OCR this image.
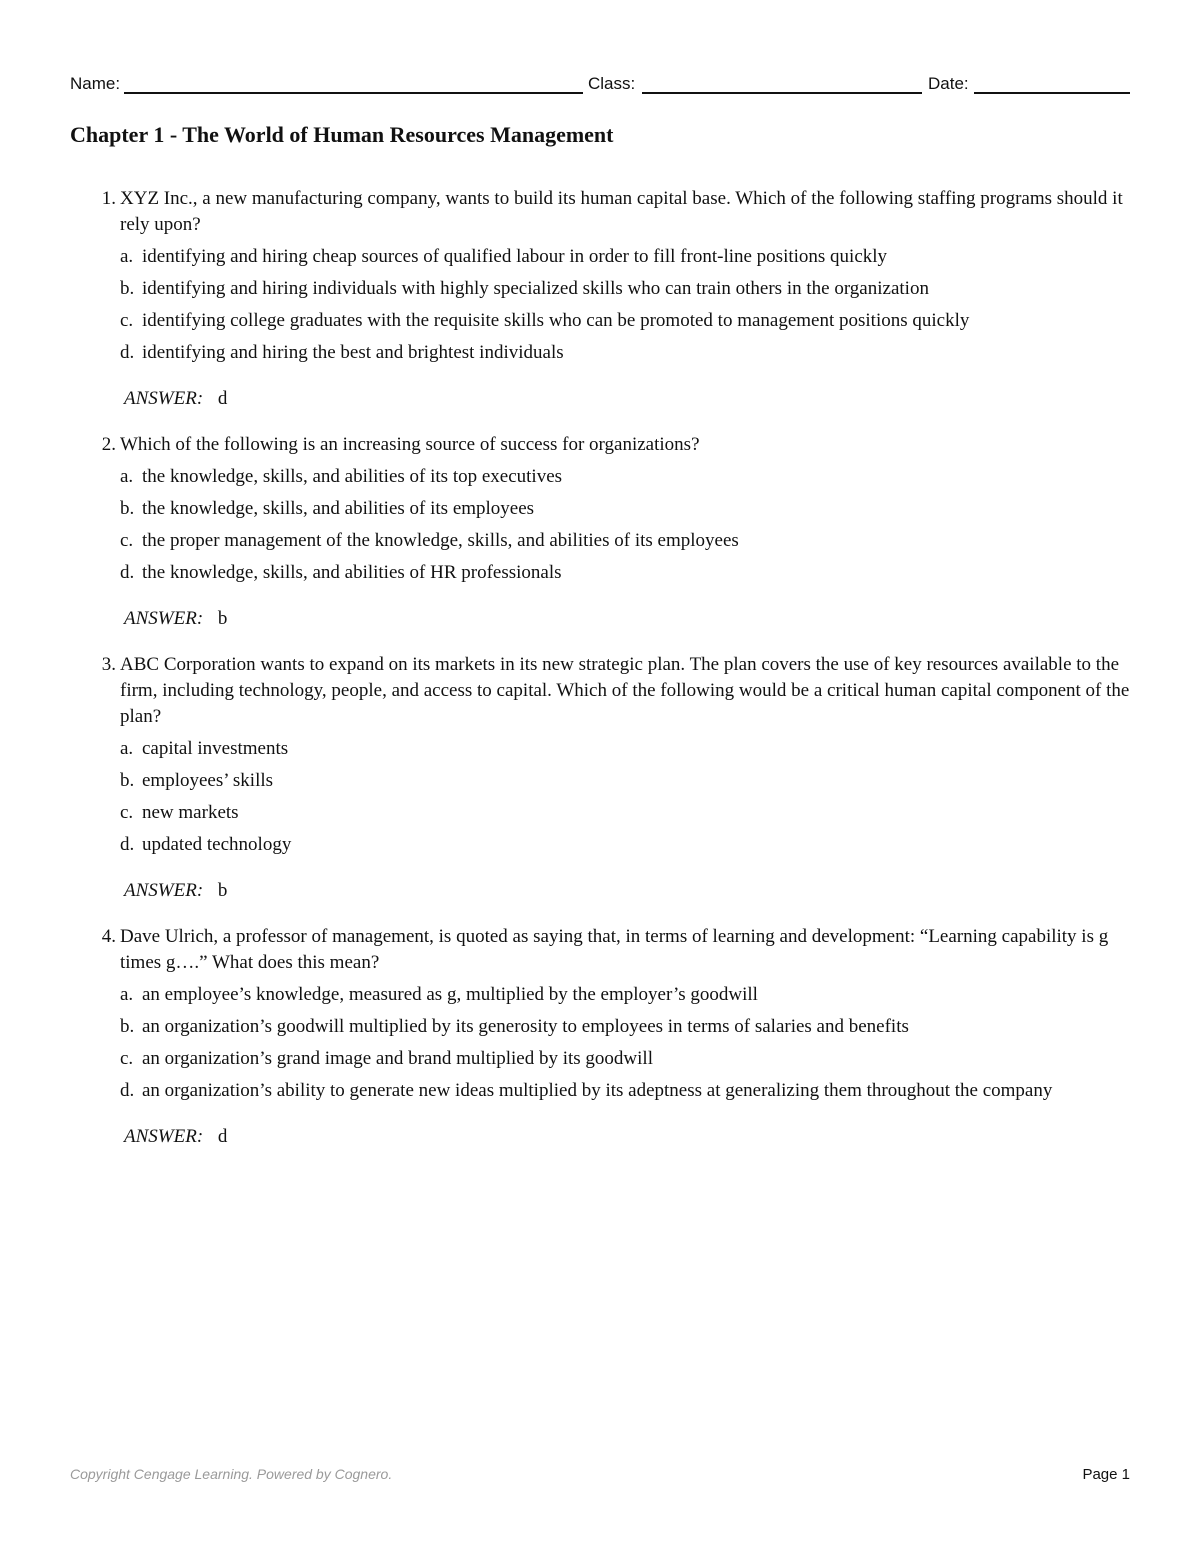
Name:	Class:	Date:
Chapter 1 - The World of Human Resources Management
1. XYZ Inc., a new manufacturing company, wants to build its human capital base. Which of the following staffing programs should it rely upon?
a. identifying and hiring cheap sources of qualified labour in order to fill front-line positions quickly
b. identifying and hiring individuals with highly specialized skills who can train others in the organization
c. identifying college graduates with the requisite skills who can be promoted to management positions quickly
d. identifying and hiring the best and brightest individuals
ANSWER: d
2. Which of the following is an increasing source of success for organizations?
a. the knowledge, skills, and abilities of its top executives
b. the knowledge, skills, and abilities of its employees
c. the proper management of the knowledge, skills, and abilities of its employees
d. the knowledge, skills, and abilities of HR professionals
ANSWER: b
3. ABC Corporation wants to expand on its markets in its new strategic plan. The plan covers the use of key resources available to the firm, including technology, people, and access to capital. Which of the following would be a critical human capital component of the plan?
a. capital investments
b. employees’ skills
c. new markets
d. updated technology
ANSWER: b
4. Dave Ulrich, a professor of management, is quoted as saying that, in terms of learning and development: “Learning capability is g times g….” What does this mean?
a. an employee’s knowledge, measured as g, multiplied by the employer’s goodwill
b. an organization’s goodwill multiplied by its generosity to employees in terms of salaries and benefits
c. an organization’s grand image and brand multiplied by its goodwill
d. an organization’s ability to generate new ideas multiplied by its adeptness at generalizing them throughout the company
ANSWER: d
Copyright Cengage Learning. Powered by Cognero.	Page 1
